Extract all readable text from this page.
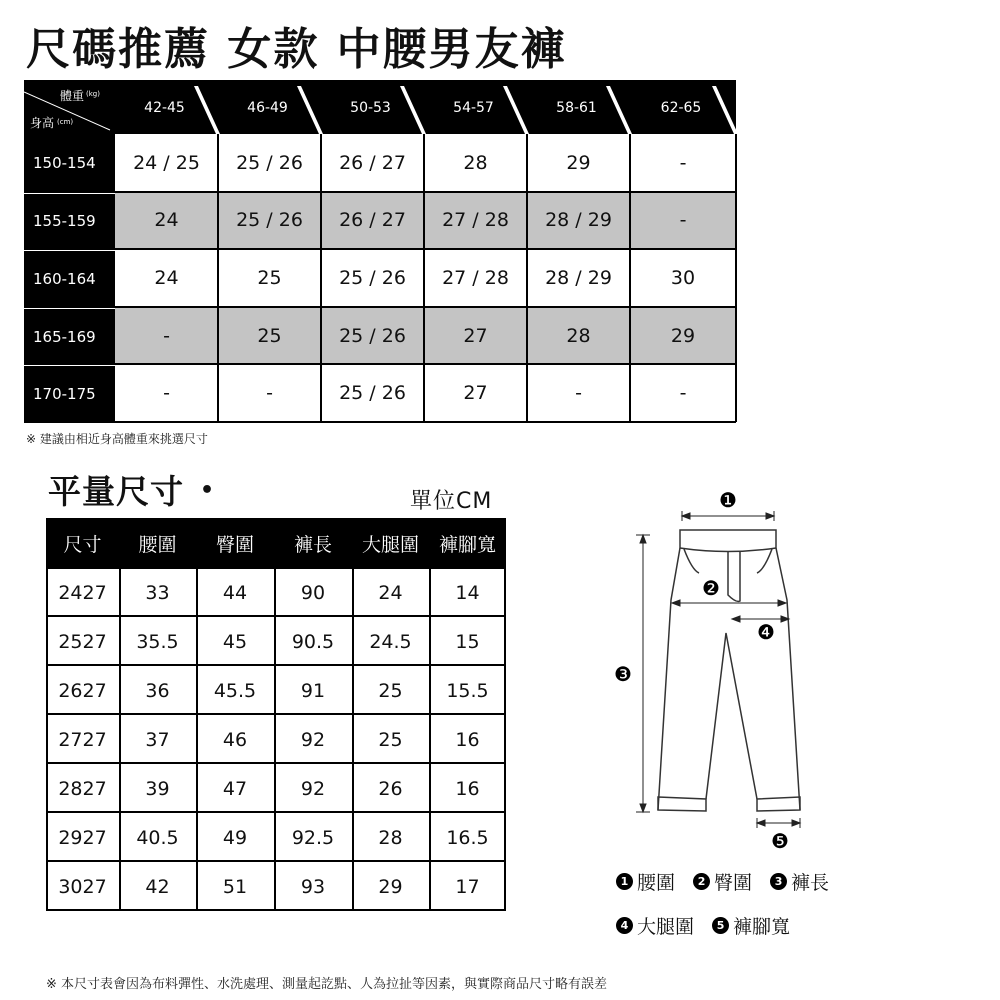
尺碼推薦 女款 中腰男友褲
體重 (kg)
身高 (cm)
42-45	46-49	50-53	54-57	58-61	62-65
150-154	24 / 25	25 / 26	26 / 27	28	29	-
155-159	24	25 / 26	26 / 27	27 / 28	28 / 29	-
160-164	24	25	25 / 26	27 / 28	28 / 29	30
165-169	-	25	25 / 26	27	28	29
170-175	-	-	25 / 26	27	-	-
※ 建議由相近身高體重來挑選尺寸
平量尺寸 •	單位CM
尺寸	腰圍	臀圍	褲長	大腿圍	褲腳寬
2427	33	44	90	24	14
2527	35.5	45	90.5	24.5	15
2627	36	45.5	91	25	15.5
2727	37	46	92	25	16
2827	39	47	92	26	16
2927	40.5	49	92.5	28	16.5
3027	42	51	93	29	17
❶
❷
❸
❹
❺
1 腰圍	2 臀圍	3 褲長
4 大腿圍	5 褲腳寬
※ 本尺寸表會因為布料彈性、水洗處理、測量起訖點、人為拉扯等因素，與實際商品尺寸略有誤差
